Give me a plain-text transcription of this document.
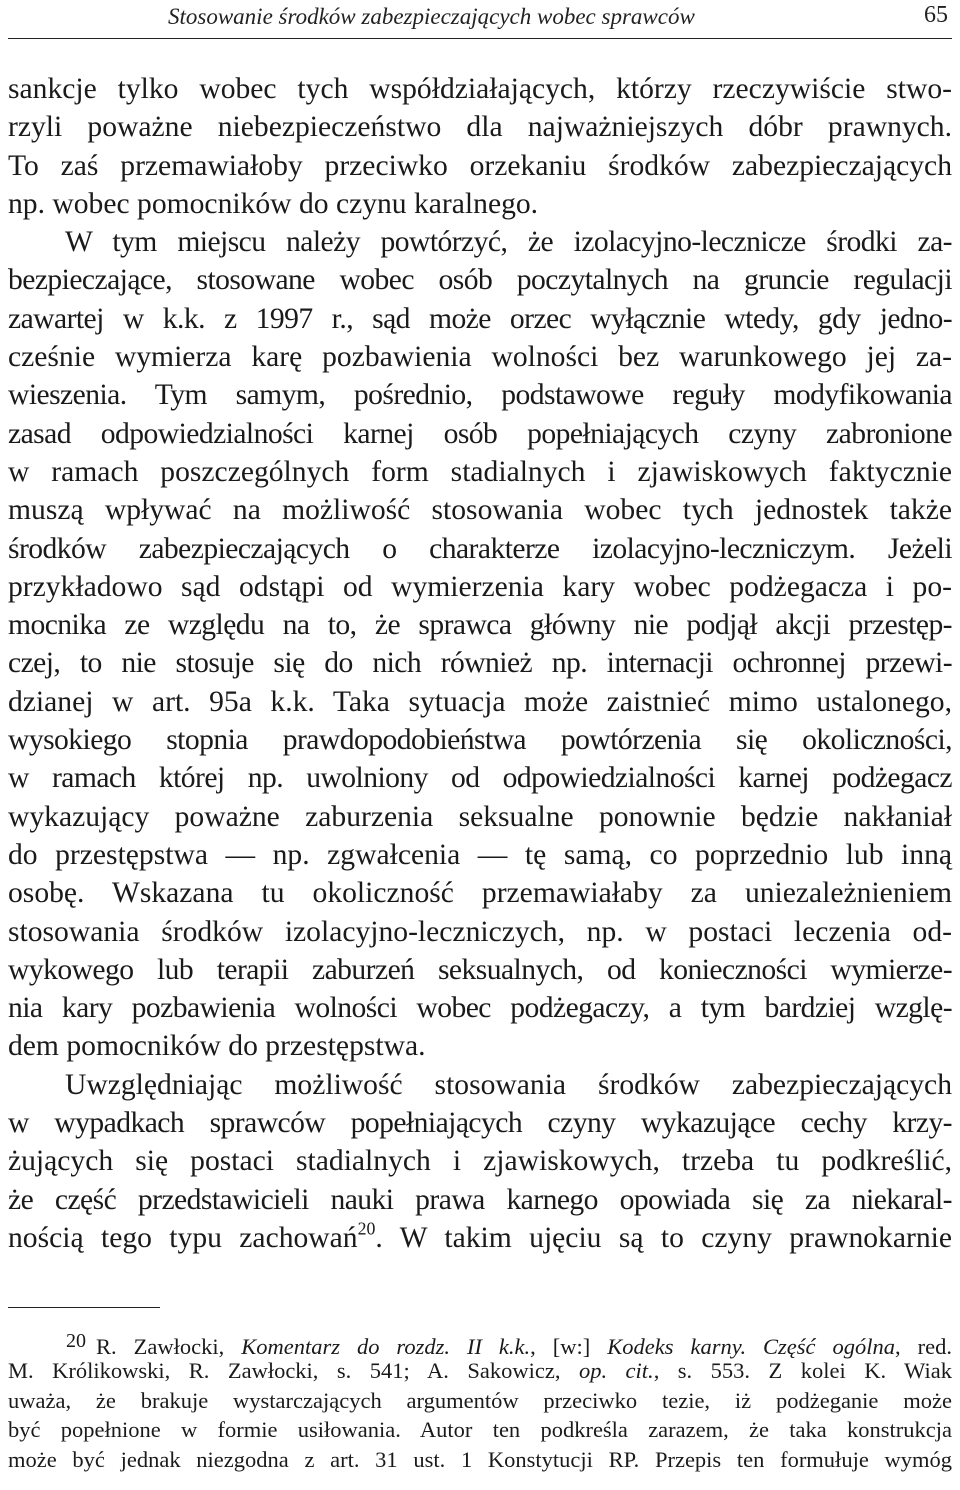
Stosowanie środków zabezpieczających wobec sprawców	65
sankcje tylko wobec tych współdziałających, którzy rzeczywiście stwo-
rzyli poważne niebezpieczeństwo dla najważniejszych dóbr prawnych.
To zaś przemawiałoby przeciwko orzekaniu środków zabezpieczających
np. wobec pomocników do czynu karalnego.
W tym miejscu należy powtórzyć, że izolacyjno-lecznicze środki za-
bezpieczające, stosowane wobec osób poczytalnych na gruncie regulacji
zawartej w k.k. z 1997 r., sąd może orzec wyłącznie wtedy, gdy jedno-
cześnie wymierza karę pozbawienia wolności bez warunkowego jej za-
wieszenia. Tym samym, pośrednio, podstawowe reguły modyfikowania
zasad odpowiedzialności karnej osób popełniających czyny zabronione
w ramach poszczególnych form stadialnych i zjawiskowych faktycznie
muszą wpływać na możliwość stosowania wobec tych jednostek także
środków zabezpieczających o charakterze izolacyjno-leczniczym. Jeżeli
przykładowo sąd odstąpi od wymierzenia kary wobec podżegacza i po-
mocnika ze względu na to, że sprawca główny nie podjął akcji przestęp-
czej, to nie stosuje się do nich również np. internacji ochronnej przewi-
dzianej w art. 95a k.k. Taka sytuacja może zaistnieć mimo ustalonego,
wysokiego stopnia prawdopodobieństwa powtórzenia się okoliczności,
w ramach której np. uwolniony od odpowiedzialności karnej podżegacz
wykazujący poważne zaburzenia seksualne ponownie będzie nakłaniał
do przestępstwa — np. zgwałcenia — tę samą, co poprzednio lub inną
osobę. Wskazana tu okoliczność przemawiałaby za uniezależnieniem
stosowania środków izolacyjno-leczniczych, np. w postaci leczenia od-
wykowego lub terapii zaburzeń seksualnych, od konieczności wymierze-
nia kary pozbawienia wolności wobec podżegaczy, a tym bardziej wzglę-
dem pomocników do przestępstwa.
Uwzględniając możliwość stosowania środków zabezpieczających
w wypadkach sprawców popełniających czyny wykazujące cechy krzy-
żujących się postaci stadialnych i zjawiskowych, trzeba tu podkreślić,
że część przedstawicieli nauki prawa karnego opowiada się za niekaral-
nością tego typu zachowań$^{20}$. W takim ujęciu są to czyny prawnokarnie
20 R. Zawłocki, Komentarz do rozdz. II k.k., [w:] Kodeks karny. Część ogólna, red.
M. Królikowski, R. Zawłocki, s. 541; A. Sakowicz, op. cit., s. 553. Z kolei K. Wiak
uważa, że brakuje wystarczających argumentów przeciwko tezie, iż podżeganie może
być popełnione w formie usiłowania. Autor ten podkreśla zarazem, że taka konstrukcja
może być jednak niezgodna z art. 31 ust. 1 Konstytucji RP. Przepis ten formułuje wymóg
